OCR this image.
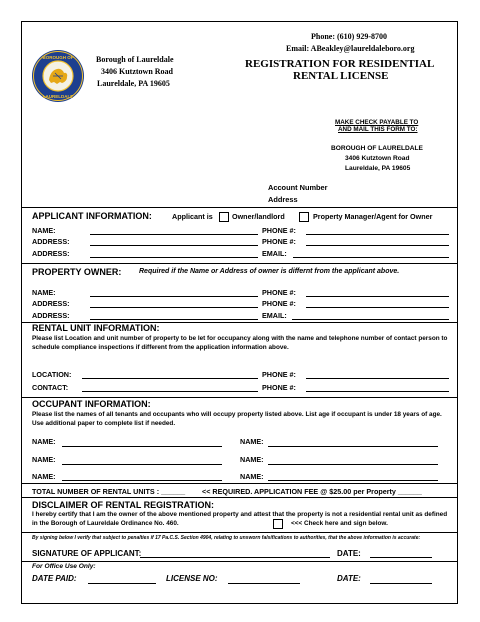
BOROUGH OF
LAURELDALE
Borough of Laureldale
3406 Kutztown Road
Laureldale, PA 19605
Phone: (610) 929-8700
Email: ABeakley@laureldaleboro.org
REGISTRATION FOR RESIDENTIAL
RENTAL LICENSE
MAKE CHECK PAYABLE TO
AND MAIL THIS FORM TO:
BOROUGH OF LAURELDALE
3406 Kutztown Road
Laureldale, PA 19605
Account Number
Address
APPLICANT INFORMATION:	Applicant is	Owner/landlord	Property Manager/Agent for Owner
NAME:	PHONE #:
ADDRESS:	PHONE #:
ADDRESS:	EMAIL:
PROPERTY OWNER:	Required if the Name or Address of owner is differnt from the applicant above.
NAME:	PHONE #:
ADDRESS:	PHONE #:
ADDRESS:	EMAIL:
RENTAL UNIT INFORMATION:
Please list Location and unit number of property to be let for occupancy along with the name and telephone number of contact person to schedule compliance inspections if different from the application information above.
LOCATION:	PHONE #:
CONTACT:	PHONE #:
OCCUPANT INFORMATION:
Please list the names of all tenants and occupants who will occupy property listed above. List age if occupant is under 18 years of age. Use additional paper to complete list if needed.
NAME:	NAME:
NAME:	NAME:
NAME:	NAME:
TOTAL NUMBER OF RENTAL UNITS : ______ << REQUIRED. APPLICATION FEE @ $25.00 per Property ______
DISCLAIMER OF RENTAL REGISTRATION:
I hereby certify that I am the owner of the above mentioned property and attest that the property is not a residential rental unit as defined in the Borough of Laureldale Ordinance No. 460.	<<< Check here and sign below.
By signing below I verify that subject to penalties if 17 Pa.C.S. Section 4904, relating to unsworn falsifications to authorities, that the above information is accurate:
SIGNATURE OF APPLICANT:	DATE:
For Office Use Only:
DATE PAID:	LICENSE NO:	DATE:
